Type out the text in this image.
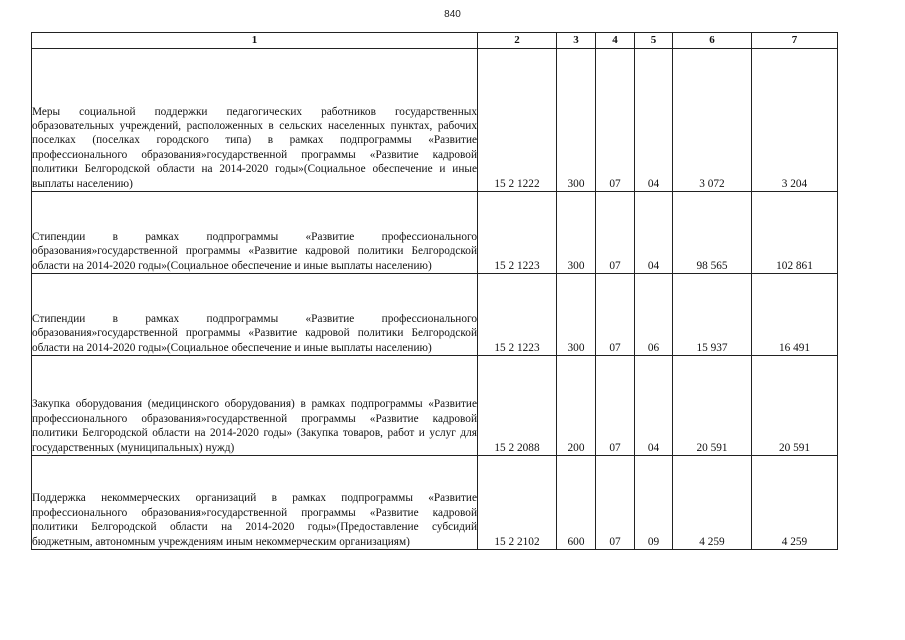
840
1	2	3	4	5	6	7
Меры социальной поддержки педагогических работников государственных образовательных учреждений, расположенных в сельских населенных пунктах, рабочих поселках (поселках городского типа) в рамках подпрограммы «Развитие профессионального образования»государственной программы «Развитие кадровой политики Белгородской области на 2014-2020 годы»(Социальное обеспечение и иные выплаты населению)	15 2 1222	300	07	04	3 072	3 204
Стипендии в рамках подпрограммы «Развитие профессионального образования»государственной программы «Развитие кадровой политики Белгородской области на 2014-2020 годы»(Социальное обеспечение и иные выплаты населению)	15 2 1223	300	07	04	98 565	102 861
Стипендии в рамках подпрограммы «Развитие профессионального образования»государственной программы «Развитие кадровой политики Белгородской области на 2014-2020 годы»(Социальное обеспечение и иные выплаты населению)	15 2 1223	300	07	06	15 937	16 491
Закупка оборудования (медицинского оборудования) в рамках подпрограммы «Развитие профессионального образования»государственной программы «Развитие кадровой политики Белгородской области на 2014-2020 годы» (Закупка товаров, работ и услуг для государственных (муниципальных) нужд)	15 2 2088	200	07	04	20 591	20 591
Поддержка некоммерческих организаций в рамках подпрограммы «Развитие профессионального образования»государственной программы «Развитие кадровой политики Белгородской области на 2014-2020 годы»(Предоставление субсидий бюджетным, автономным учреждениям иным некоммерческим организациям)	15 2 2102	600	07	09	4 259	4 259
